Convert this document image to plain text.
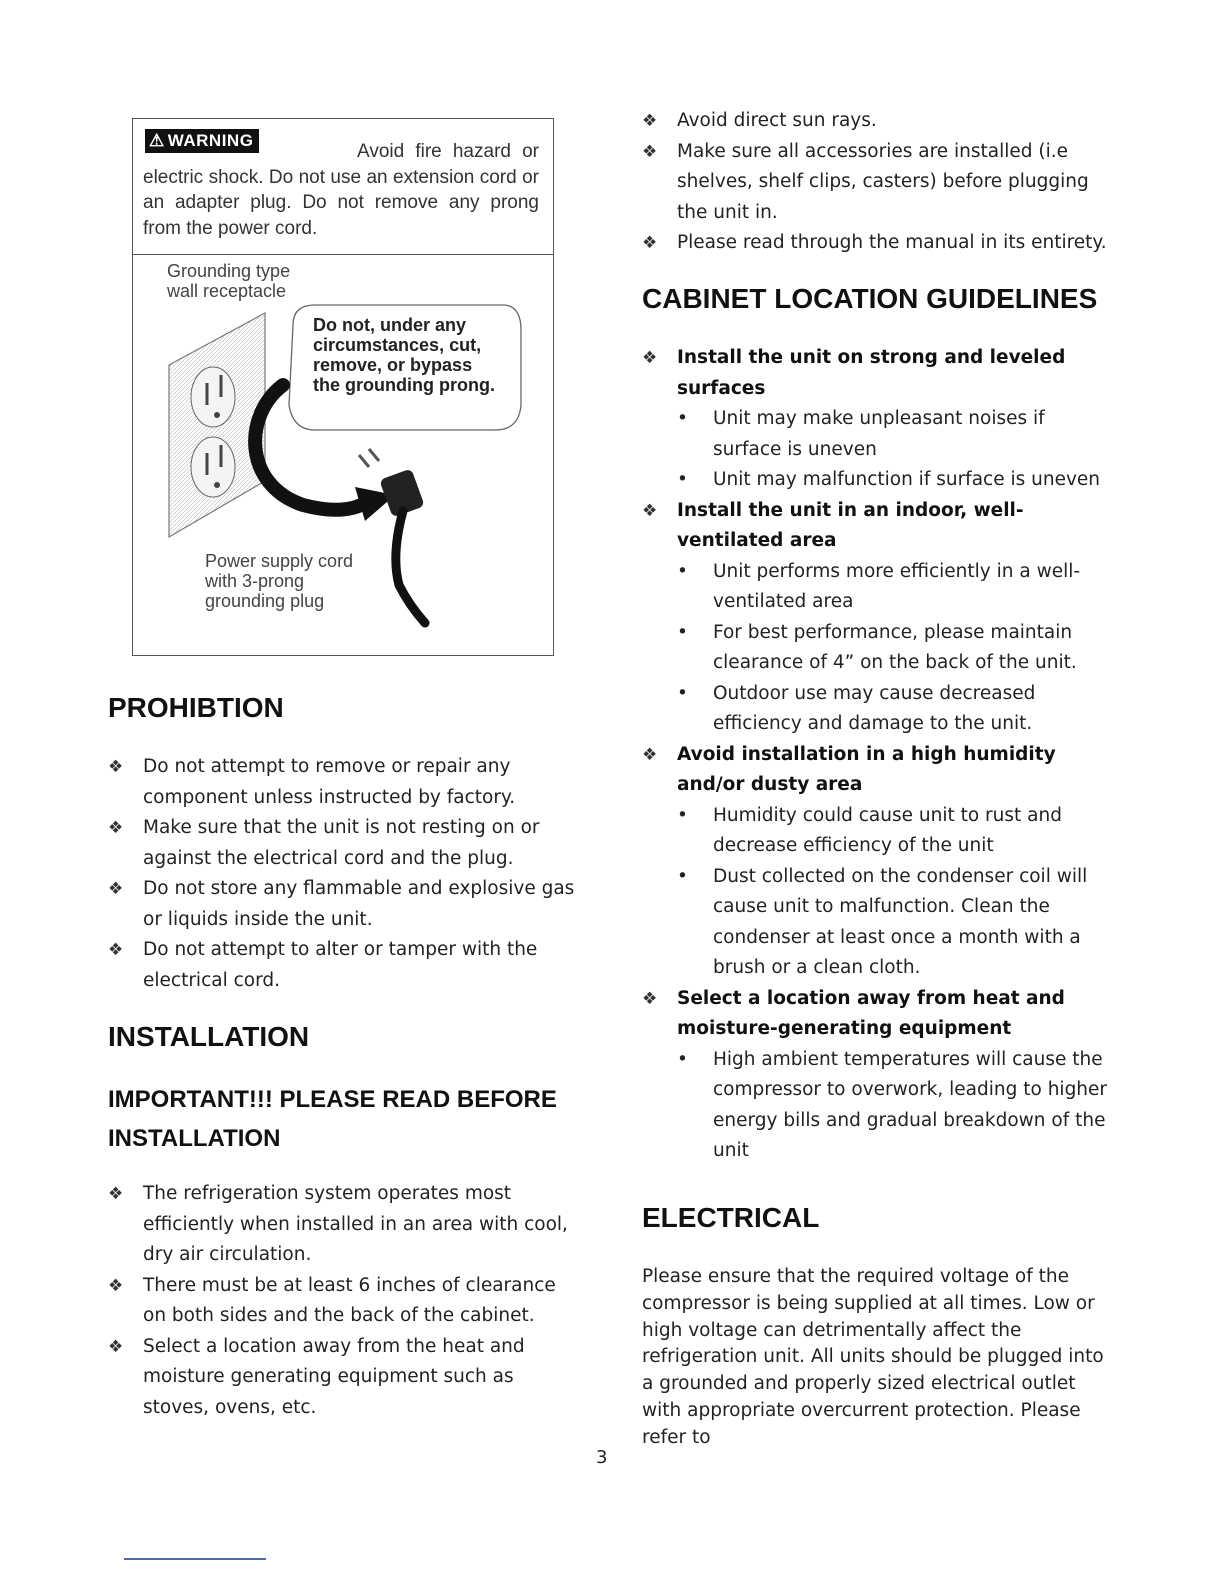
Avoid fire hazard or electric shock. Do not use an extension cord or an adapter plug. Do not remove any prong from the power cord.
⚠ WARNING
Grounding type wall receptacle
Do not, under any circumstances, cut, remove, or bypass the grounding prong.
Power supply cord with 3-prong grounding plug
PROHIBTION
❖ Do not attempt to remove or repair any component unless instructed by factory.
❖ Make sure that the unit is not resting on or against the electrical cord and the plug.
❖ Do not store any flammable and explosive gas or liquids inside the unit.
❖ Do not attempt to alter or tamper with the electrical cord.
INSTALLATION
IMPORTANT!!! PLEASE READ BEFORE INSTALLATION
❖ The refrigeration system operates most efficiently when installed in an area with cool, dry air circulation.
❖ There must be at least 6 inches of clearance on both sides and the back of the cabinet.
❖ Select a location away from the heat and moisture generating equipment such as stoves, ovens, etc.
❖ Avoid direct sun rays.
❖ Make sure all accessories are installed (i.e shelves, shelf clips, casters) before plugging the unit in.
❖ Please read through the manual in its entirety.
CABINET LOCATION GUIDELINES
❖ Install the unit on strong and leveled surfaces
• Unit may make unpleasant noises if surface is uneven
• Unit may malfunction if surface is uneven
❖ Install the unit in an indoor, well-ventilated area
• Unit performs more efficiently in a well-ventilated area
• For best performance, please maintain clearance of 4” on the back of the unit.
• Outdoor use may cause decreased efficiency and damage to the unit.
❖ Avoid installation in a high humidity and/or dusty area
• Humidity could cause unit to rust and decrease efficiency of the unit
• Dust collected on the condenser coil will cause unit to malfunction. Clean the condenser at least once a month with a brush or a clean cloth.
❖ Select a location away from heat and moisture-generating equipment
• High ambient temperatures will cause the compressor to overwork, leading to higher energy bills and gradual breakdown of the unit
ELECTRICAL

Please ensure that the required voltage of the compressor is being supplied at all times. Low or high voltage can detrimentally affect the refrigeration unit. All units should be plugged into a grounded and properly sized electrical outlet with appropriate overcurrent protection. Please refer to

3
